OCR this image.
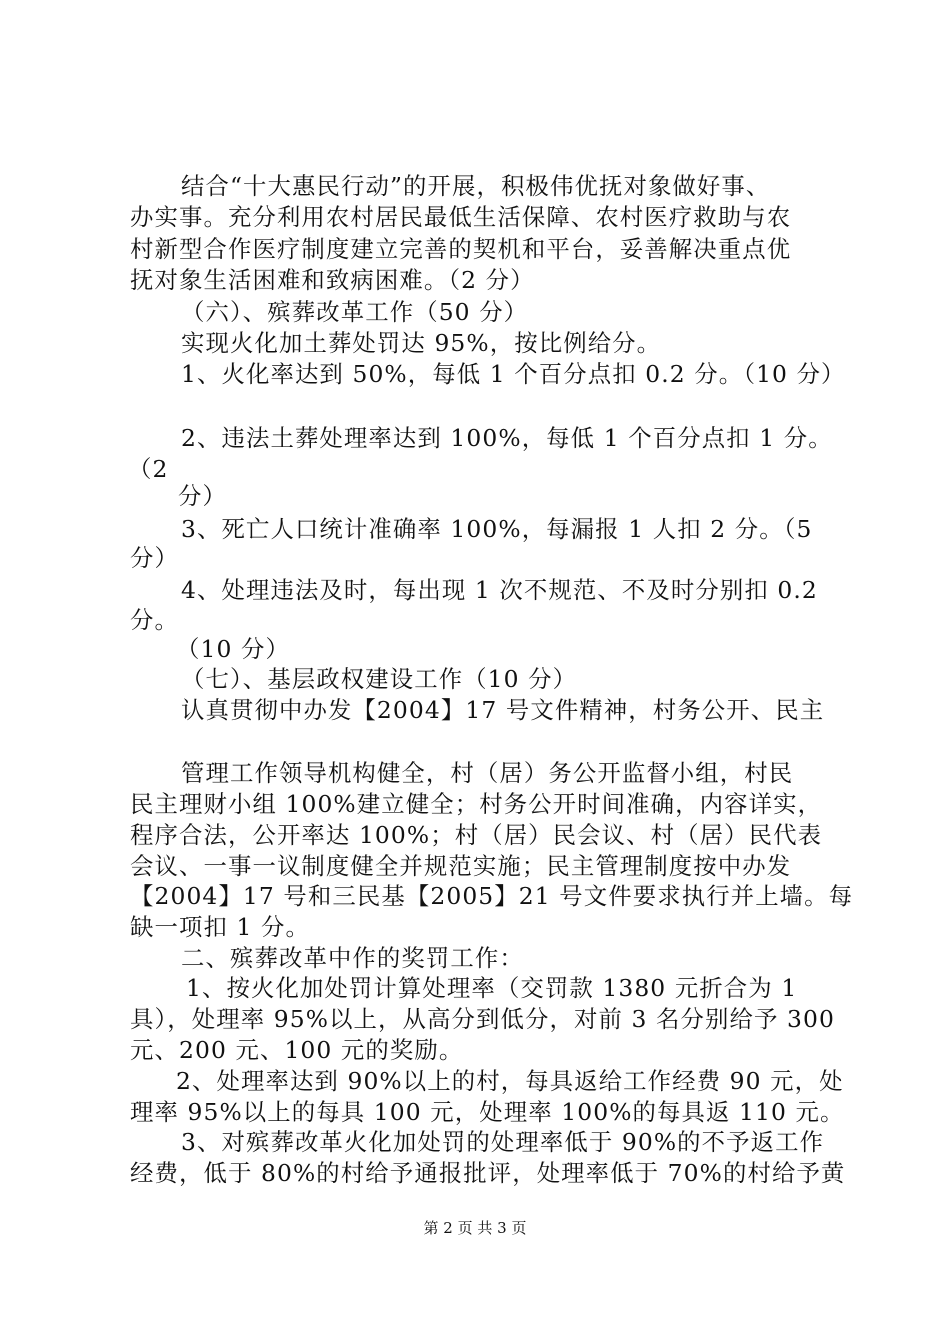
结合“十大惠民行动”的开展，积极伟优抚对象做好事、
办实事。充分利用农村居民最低生活保障、农村医疗救助与农
村新型合作医疗制度建立完善的契机和平台，妥善解决重点优
抚对象生活困难和致病困难。（2 分）
（六）、殡葬改革工作（50 分）
实现火化加土葬处罚达 95%，按比例给分。
1、火化率达到 50%，每低 1 个百分点扣 0.2 分。（10 分）
2、违法土葬处理率达到 100%，每低 1 个百分点扣 1 分。
（2
分）
3、死亡人口统计准确率 100%，每漏报 1 人扣 2 分。（5
分）
4、处理违法及时，每出现 1 次不规范、不及时分别扣 0.2
分。
（10 分）
（七）、基层政权建设工作（10 分）
认真贯彻中办发【2004】17 号文件精神，村务公开、民主
管理工作领导机构健全，村（居）务公开监督小组，村民
民主理财小组 100%建立健全；村务公开时间准确，内容详实，
程序合法，公开率达 100%；村（居）民会议、村（居）民代表
会议、一事一议制度健全并规范实施；民主管理制度按中办发
【2004】17 号和三民基【2005】21 号文件要求执行并上墙。每
缺一项扣 1 分。
二、殡葬改革中作的奖罚工作：
1、按火化加处罚计算处理率（交罚款 1380 元折合为 1
具），处理率 95%以上，从高分到低分，对前 3 名分别给予 300
元、200 元、100 元的奖励。
2、处理率达到 90%以上的村，每具返给工作经费 90 元，处
理率 95%以上的每具 100 元，处理率 100%的每具返 110 元。
3、对殡葬改革火化加处罚的处理率低于 90%的不予返工作
经费，低于 80%的村给予通报批评，处理率低于 70%的村给予黄
第 2 页 共 3 页
